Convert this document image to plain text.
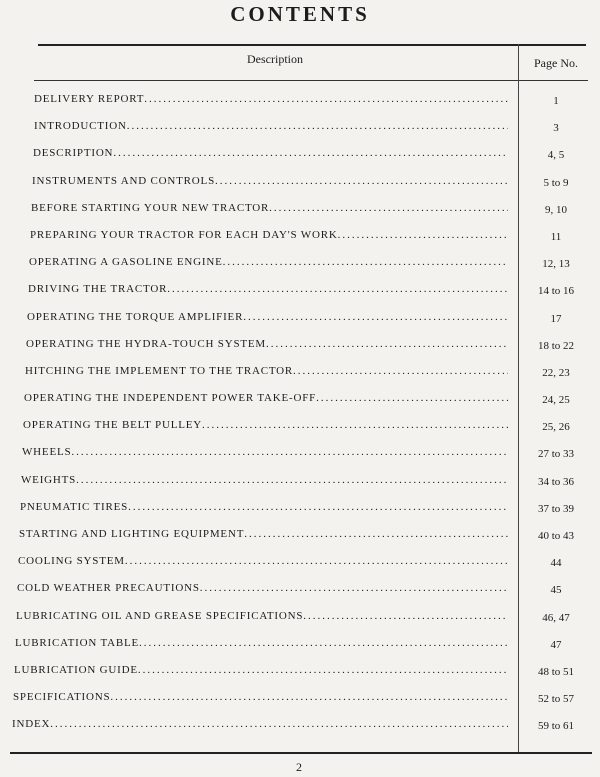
CONTENTS
Description	Page No.
DELIVERY REPORT .....	1
INTRODUCTION .....	3
DESCRIPTION .....	4, 5
INSTRUMENTS AND CONTROLS .....	5 to 9
BEFORE STARTING YOUR NEW TRACTOR .....	9, 10
PREPARING YOUR TRACTOR FOR EACH DAY'S WORK .....	11
OPERATING A GASOLINE ENGINE .....	12, 13
DRIVING THE TRACTOR .....	14 to 16
OPERATING THE TORQUE AMPLIFIER .....	17
OPERATING THE HYDRA-TOUCH SYSTEM .....	18 to 22
HITCHING THE IMPLEMENT TO THE TRACTOR .....	22, 23
OPERATING THE INDEPENDENT POWER TAKE-OFF .....	24, 25
OPERATING THE BELT PULLEY .....	25, 26
WHEELS .....	27 to 33
WEIGHTS .....	34 to 36
PNEUMATIC TIRES .....	37 to 39
STARTING AND LIGHTING EQUIPMENT .....	40 to 43
COOLING SYSTEM .....	44
COLD WEATHER PRECAUTIONS .....	45
LUBRICATING OIL AND GREASE SPECIFICATIONS .....	46, 47
LUBRICATION TABLE .....	47
LUBRICATION GUIDE .....	48 to 51
SPECIFICATIONS .....	52 to 57
INDEX .....	59 to 61
2
